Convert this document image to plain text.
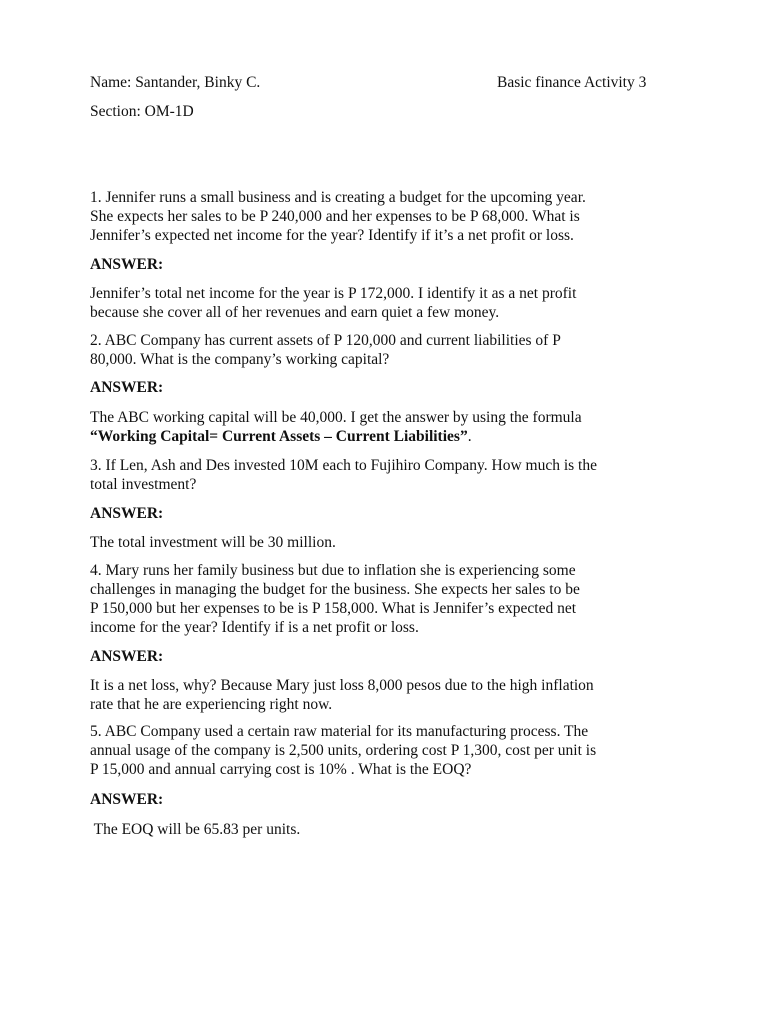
Name: Santander, Binky C.	Basic finance Activity 3
Section: OM-1D
1. Jennifer runs a small business and is creating a budget for the upcoming year.
She expects her sales to be P 240,000 and her expenses to be P 68,000. What is
Jennifer’s expected net income for the year? Identify if it’s a net profit or loss.
ANSWER:
Jennifer’s total net income for the year is P 172,000. I identify it as a net profit
because she cover all of her revenues and earn quiet a few money.
2. ABC Company has current assets of P 120,000 and current liabilities of P
80,000. What is the company’s working capital?
ANSWER:
The ABC working capital will be 40,000. I get the answer by using the formula
“Working Capital= Current Assets – Current Liabilities”.
3. If Len, Ash and Des invested 10M each to Fujihiro Company. How much is the
total investment?
ANSWER:
The total investment will be 30 million.
4. Mary runs her family business but due to inflation she is experiencing some
challenges in managing the budget for the business. She expects her sales to be
P 150,000 but her expenses to be is P 158,000. What is Jennifer’s expected net
income for the year? Identify if is a net profit or loss.
ANSWER:
It is a net loss, why? Because Mary just loss 8,000 pesos due to the high inflation
rate that he are experiencing right now.
5. ABC Company used a certain raw material for its manufacturing process. The
annual usage of the company is 2,500 units, ordering cost P 1,300, cost per unit is
P 15,000 and annual carrying cost is 10% . What is the EOQ?
ANSWER:
The EOQ will be 65.83 per units.
